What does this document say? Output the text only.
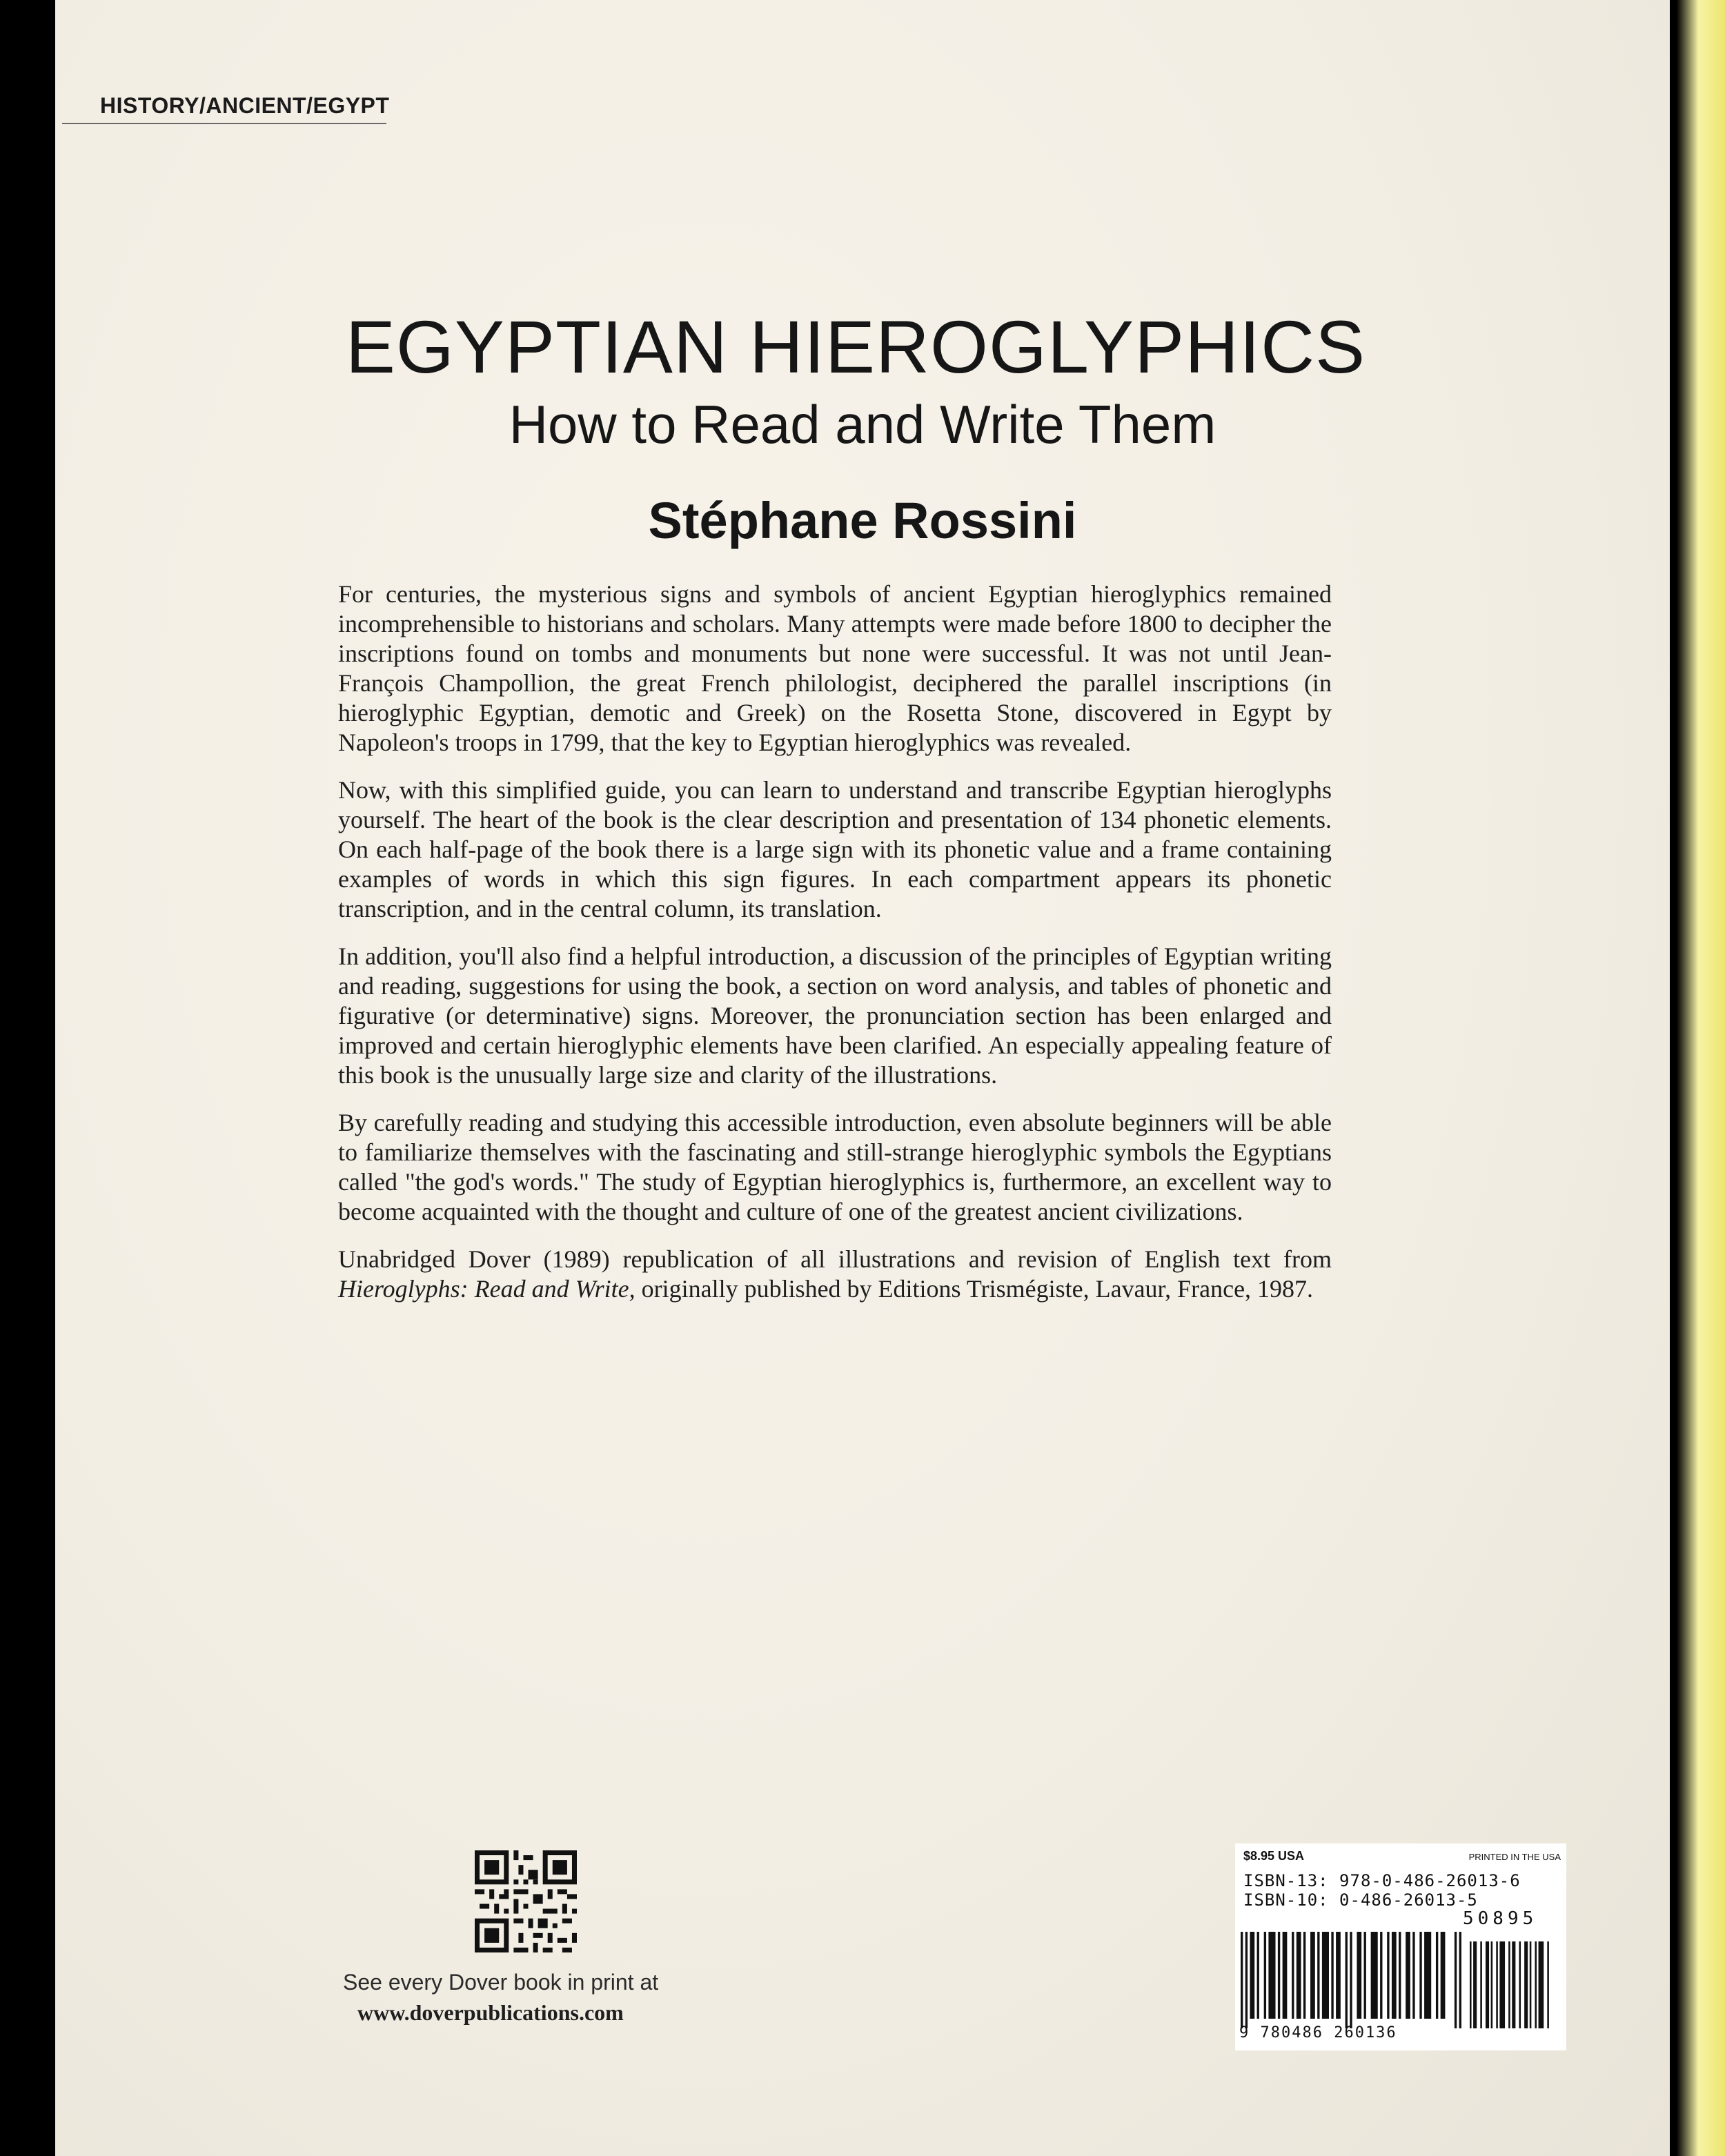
HISTORY/ANCIENT/EGYPT
EGYPTIAN HIEROGLYPHICS
How to Read and Write Them
Stéphane Rossini

For centuries, the mysterious signs and symbols of ancient Egyptian hieroglyphics remained incomprehensible to historians and scholars. Many attempts were made before 1800 to decipher the inscriptions found on tombs and monuments but none were successful. It was not until Jean-François Champollion, the great French philologist, deciphered the parallel inscriptions (in hieroglyphic Egyptian, demotic and Greek) on the Rosetta Stone, discovered in Egypt by Napoleon's troops in 1799, that the key to Egyptian hieroglyphics was revealed.

Now, with this simplified guide, you can learn to understand and transcribe Egyptian hieroglyphs yourself. The heart of the book is the clear description and presentation of 134 phonetic elements. On each half-page of the book there is a large sign with its phonetic value and a frame containing examples of words in which this sign figures. In each compartment appears its phonetic transcription, and in the central column, its translation.

In addition, you'll also find a helpful introduction, a discussion of the principles of Egyptian writing and reading, suggestions for using the book, a section on word analysis, and tables of phonetic and figurative (or determinative) signs. Moreover, the pronunciation section has been enlarged and improved and certain hieroglyphic elements have been clarified. An especially appealing feature of this book is the unusually large size and clarity of the illustrations.

By carefully reading and studying this accessible introduction, even absolute beginners will be able to familiarize themselves with the fascinating and still-strange hieroglyphic symbols the Egyptians called "the god's words." The study of Egyptian hieroglyphics is, furthermore, an excellent way to become acquainted with the thought and culture of one of the greatest ancient civilizations.

Unabridged Dover (1989) republication of all illustrations and revision of English text from Hieroglyphs: Read and Write, originally published by Editions Trismégiste, Lavaur, France, 1987.

See every Dover book in print at
www.doverpublications.com
$8.95 USA	PRINTED IN THE USA
ISBN-13: 978-0-486-26013-6
ISBN-10: 0-486-26013-5
50895
9 780486 260136
